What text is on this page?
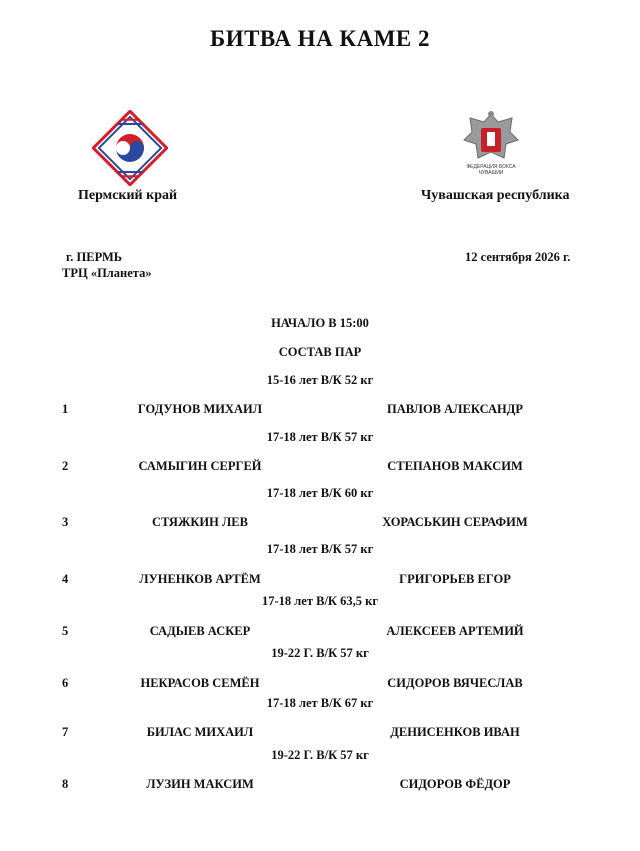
БИТВА НА КАМЕ 2
ФЕДЕРАЦИЯ БОКСА
ЧУВАШИИ
Пермский край	Чувашская республика
г. ПЕРМЬ
ТРЦ «Планета»
12 сентября 2026 г.
НАЧАЛО В 15:00
СОСТАВ ПАР
15-16 лет В/К 52 кг
1	ГОДУНОВ МИХАИЛ	ПАВЛОВ АЛЕКСАНДР
17-18 лет В/К 57 кг
2	САМЫГИН СЕРГЕЙ	СТЕПАНОВ МАКСИМ
17-18 лет В/К 60 кг
3	СТЯЖКИН ЛЕВ	ХОРАСЬКИН СЕРАФИМ
17-18 лет В/К 57 кг
4	ЛУНЕНКОВ АРТЁМ	ГРИГОРЬЕВ ЕГОР
17-18 лет В/К 63,5 кг
5	САДЫЕВ АСКЕР	АЛЕКСЕЕВ АРТЕМИЙ
19-22 Г. В/К 57 кг
6	НЕКРАСОВ СЕМЁН	СИДОРОВ ВЯЧЕСЛАВ
17-18 лет В/К 67 кг
7	БИЛАС МИХАИЛ	ДЕНИСЕНКОВ ИВАН
19-22 Г. В/К 57 кг
8	ЛУЗИН МАКСИМ	СИДОРОВ ФЁДОР
